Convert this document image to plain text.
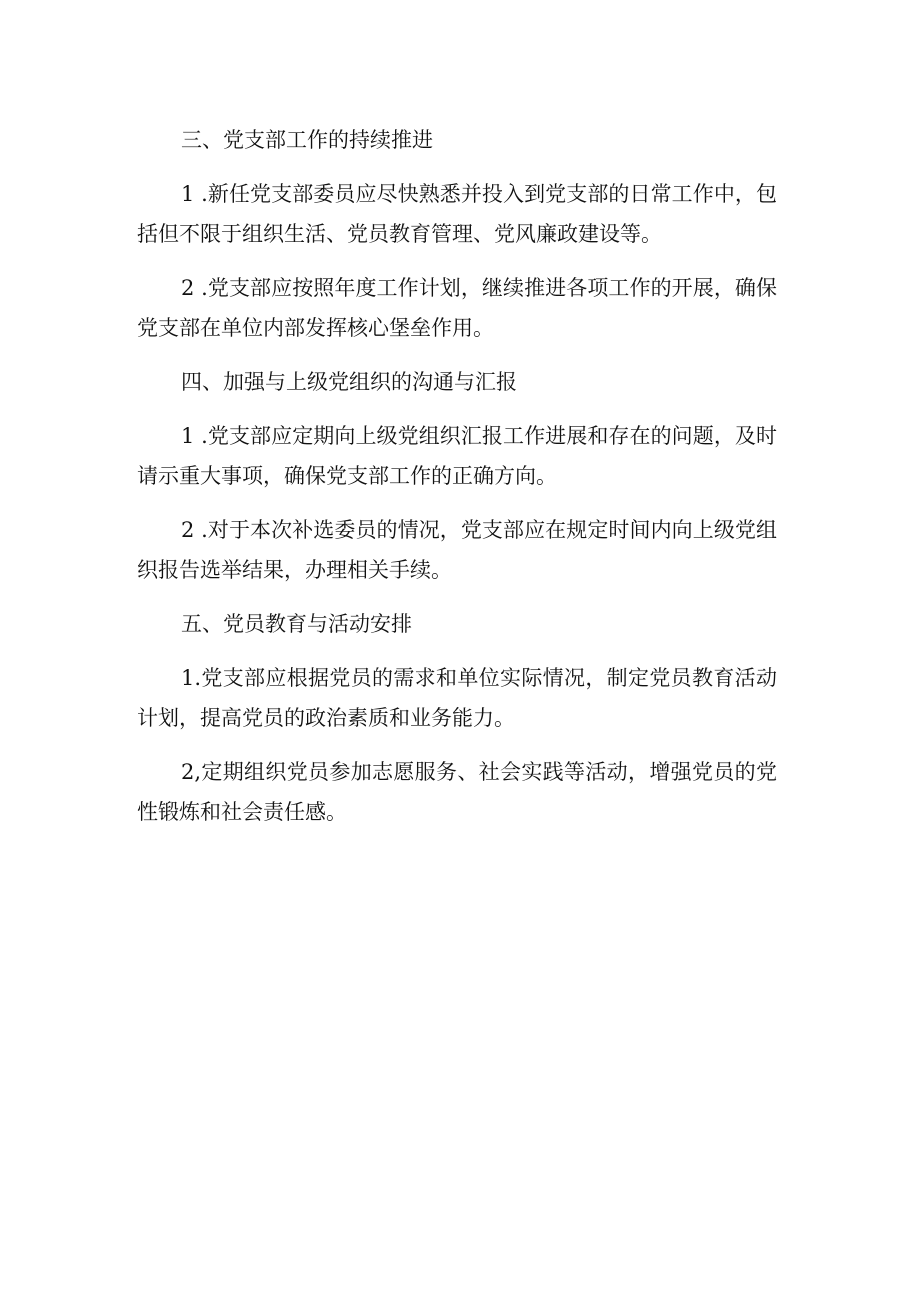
三、党支部工作的持续推进

1 .新任党支部委员应尽快熟悉并投入到党支部的日常工作中，包括但不限于组织生活、党员教育管理、党风廉政建设等。

2 .党支部应按照年度工作计划，继续推进各项工作的开展，确保党支部在单位内部发挥核心堡垒作用。

四、加强与上级党组织的沟通与汇报

1 .党支部应定期向上级党组织汇报工作进展和存在的问题，及时请示重大事项，确保党支部工作的正确方向。

2 .对于本次补选委员的情况，党支部应在规定时间内向上级党组织报告选举结果，办理相关手续。

五、党员教育与活动安排

1.党支部应根据党员的需求和单位实际情况，制定党员教育活动计划，提高党员的政治素质和业务能力。

2,定期组织党员参加志愿服务、社会实践等活动，增强党员的党性锻炼和社会责任感。
